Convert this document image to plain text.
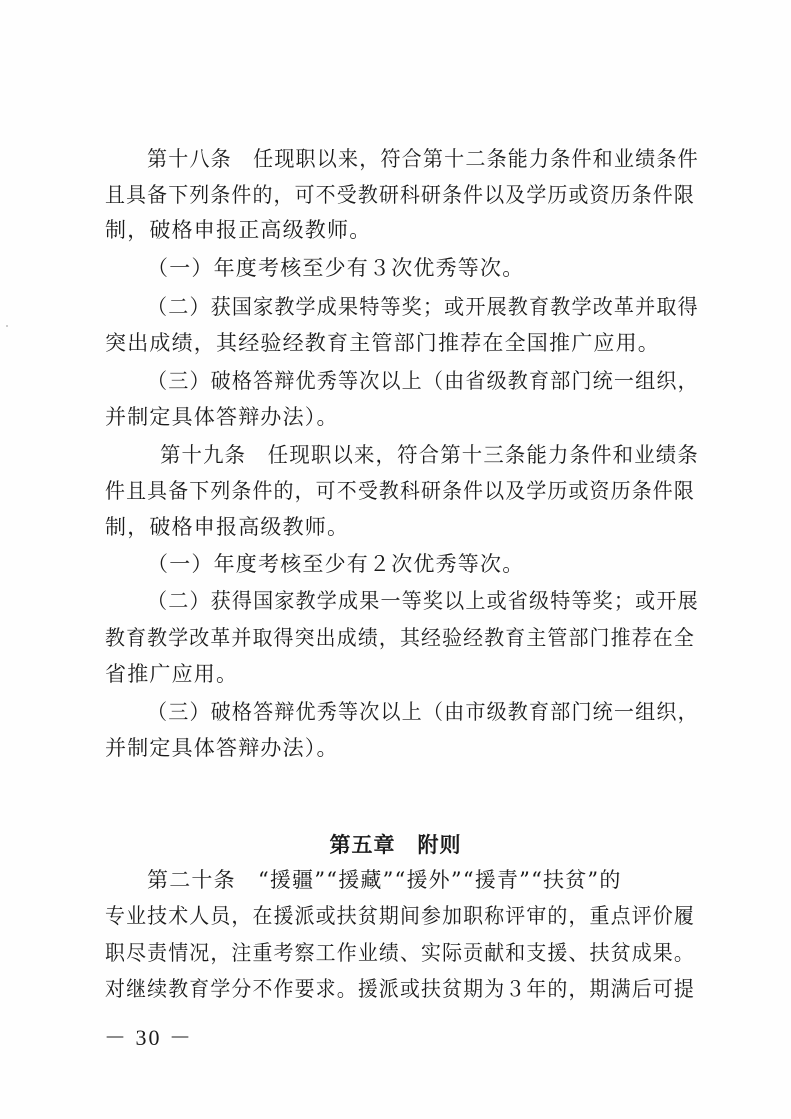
第十八条　任现职以来，符合第十二条能力条件和业绩条件
且具备下列条件的，可不受教研科研条件以及学历或资历条件限
制，破格申报正高级教师。
（一）年度考核至少有３次优秀等次。
（二）获国家教学成果特等奖；或开展教育教学改革并取得
突出成绩，其经验经教育主管部门推荐在全国推广应用。
（三）破格答辩优秀等次以上（由省级教育部门统一组织，
并制定具体答辩办法）。
第十九条　任现职以来，符合第十三条能力条件和业绩条
件且具备下列条件的，可不受教科研条件以及学历或资历条件限
制，破格申报高级教师。
（一）年度考核至少有２次优秀等次。
（二）获得国家教学成果一等奖以上或省级特等奖；或开展
教育教学改革并取得突出成绩，其经验经教育主管部门推荐在全
省推广应用。
（三）破格答辩优秀等次以上（由市级教育部门统一组织，
并制定具体答辩办法）。
第五章　附则
第二十条　“援疆”“援藏”“援外”“援青”“扶贫”的
专业技术人员，在援派或扶贫期间参加职称评审的，重点评价履
职尽责情况，注重考察工作业绩、实际贡献和支援、扶贫成果。
对继续教育学分不作要求。援派或扶贫期为３年的，期满后可提
－ 30 －
